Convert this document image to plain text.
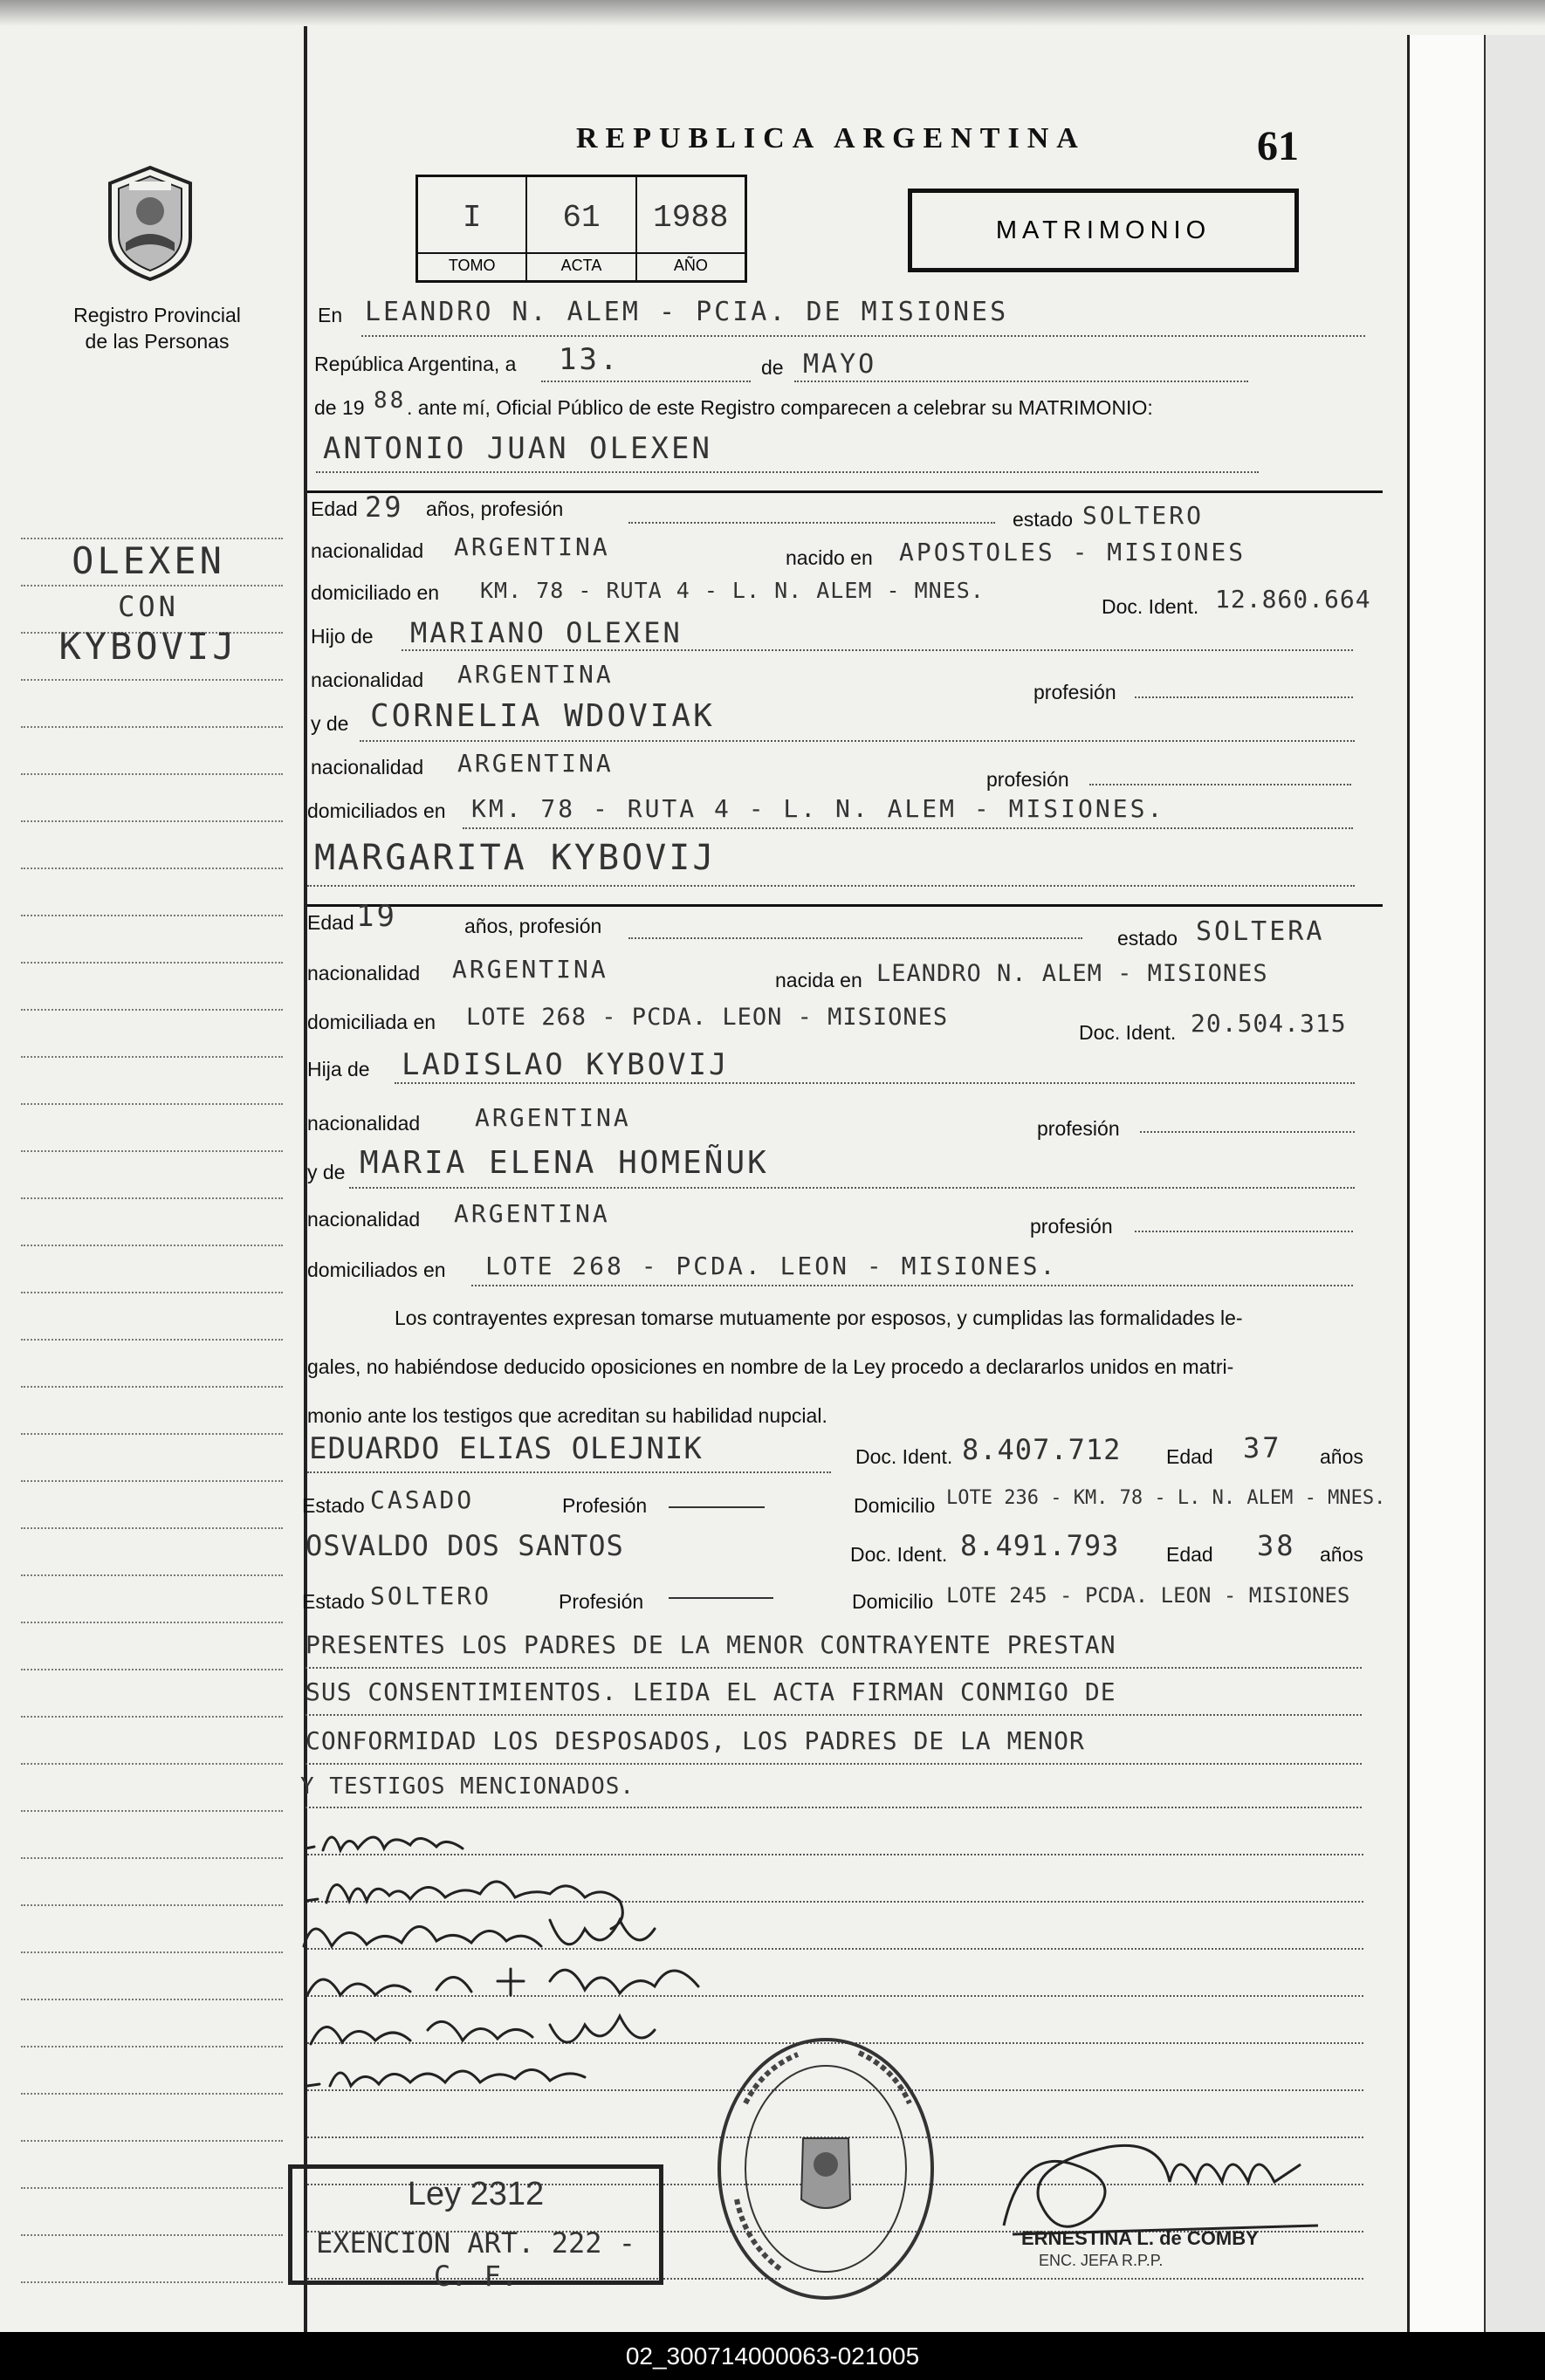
Registro Provincial
de las Personas
OLEXEN
CON
KYBOVIJ
REPUBLICA ARGENTINA	61
I
TOMO
61
ACTA
1988
AÑO
MATRIMONIO
En LEANDRO N. ALEM - PCIA. DE MISIONES
República Argentina, a 13.	de MAYO
de 19 88 . ante mí, Oficial Público de este Registro comparecen a celebrar su MATRIMONIO:
ANTONIO JUAN OLEXEN
Edad 29 años, profesión	estado SOLTERO
nacionalidad ARGENTINA	nacido en APOSTOLES - MISIONES
domiciliado en KM. 78 - RUTA 4 - L. N. ALEM - MNES.
Doc. Ident. 12.860.664
Hijo de MARIANO OLEXEN
nacionalidad ARGENTINA
profesión
y de CORNELIA WDOVIAK
nacionalidad ARGENTINA
profesión
domiciliados en KM. 78 - RUTA 4 - L. N. ALEM - MISIONES.
MARGARITA KYBOVIJ
Edad 19	años, profesión
estado SOLTERA
nacionalidad ARGENTINA	nacida en LEANDRO N. ALEM - MISIONES
domiciliada en LOTE 268 - PCDA. LEON - MISIONES
Doc. Ident. 20.504.315
Hija de LADISLAO KYBOVIJ
nacionalidad ARGENTINA	profesión
y de MARIA ELENA HOMEÑUK
nacionalidad ARGENTINA	profesión
domiciliados en LOTE 268 - PCDA. LEON - MISIONES.

Los contrayentes expresan tomarse mutuamente por esposos, y cumplidas las formalidades le-

gales, no habiéndose deducido oposiciones en nombre de la Ley procedo a declararlos unidos en matri-

monio ante los testigos que acreditan su habilidad nupcial.

EDUARDO ELIAS OLEJNIK	Doc. Ident. 8.407.712 Edad 37 años
Estado CASADO	Profesión	Domicilio LOTE 236 - KM. 78 - L. N. ALEM - MNES.
OSVALDO DOS SANTOS	Doc. Ident. 8.491.793 Edad 38 años
Estado SOLTERO	Profesión	Domicilio LOTE 245 - PCDA. LEON - MISIONES
PRESENTES LOS PADRES DE LA MENOR CONTRAYENTE PRESTAN
SUS CONSENTIMIENTOS. LEIDA EL ACTA FIRMAN CONMIGO DE
CONFORMIDAD LOS DESPOSADOS, LOS PADRES DE LA MENOR
Y TESTIGOS MENCIONADOS.
Ley 2312
EXENCION ART. 222 - C. F.
ERNESTINA L. de COMBY
ENC. JEFA R.P.P.
02_300714000063-021005
